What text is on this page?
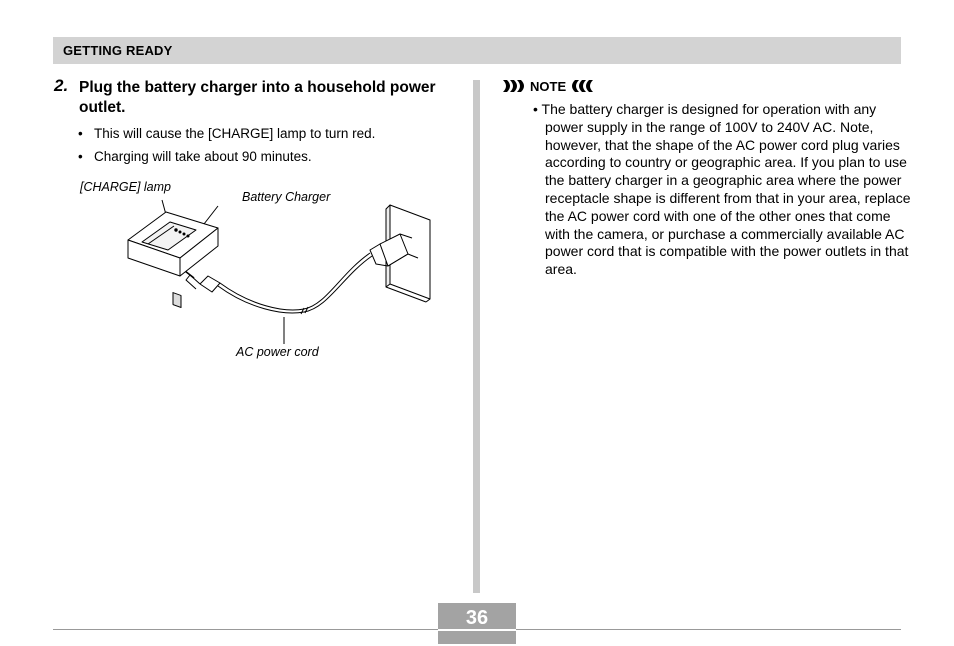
GETTING READY
2. Plug the battery charger into a household power outlet.
• This will cause the [CHARGE] lamp to turn red.
• Charging will take about 90 minutes.
[CHARGE] lamp
Battery Charger
AC power cord
NOTE
• The battery charger is designed for operation with any power supply in the range of 100V to 240V AC. Note, however, that the shape of the AC power cord plug varies according to country or geographic area. If you plan to use the battery charger in a geographic area where the power receptacle shape is different from that in your area, replace the AC power cord with one of the other ones that come with the camera, or purchase a commercially available AC power cord that is compatible with the power outlets in that area.
36
